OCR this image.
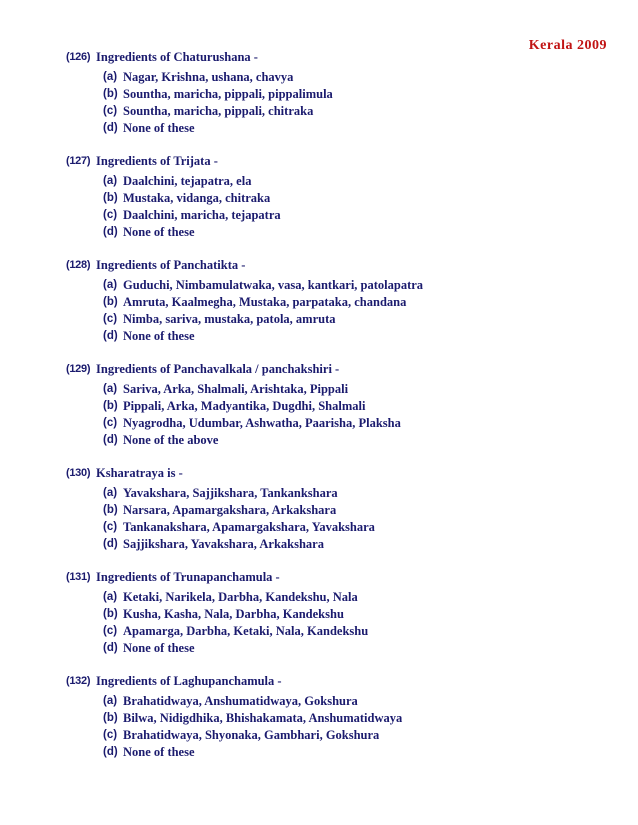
Kerala 2009
(126) Ingredients of Chaturushana -
(a) Nagar, Krishna, ushana, chavya
(b) Sountha, maricha, pippali, pippalimula
(c) Sountha, maricha, pippali, chitraka
(d) None of these
(127) Ingredients of Trijata -
(a) Daalchini, tejapatra, ela
(b) Mustaka, vidanga, chitraka
(c) Daalchini, maricha, tejapatra
(d) None of these
(128) Ingredients of Panchatikta -
(a) Guduchi, Nimbamulatwaka, vasa, kantkari, patolapatra
(b) Amruta, Kaalmegha, Mustaka, parpataka, chandana
(c) Nimba, sariva, mustaka, patola, amruta
(d) None of these
(129) Ingredients of Panchavalkala / panchakshiri -
(a) Sariva, Arka, Shalmali, Arishtaka, Pippali
(b) Pippali, Arka, Madyantika, Dugdhi, Shalmali
(c) Nyagrodha, Udumbar, Ashwatha, Paarisha, Plaksha
(d) None of the above
(130) Ksharatraya is -
(a) Yavakshara, Sajjikshara, Tankankshara
(b) Narsara, Apamargakshara, Arkakshara
(c) Tankanakshara, Apamargakshara, Yavakshara
(d) Sajjikshara, Yavakshara, Arkakshara
(131) Ingredients of Trunapanchamula -
(a) Ketaki, Narikela, Darbha, Kandekshu, Nala
(b) Kusha, Kasha, Nala, Darbha, Kandekshu
(c) Apamarga, Darbha, Ketaki, Nala, Kandekshu
(d) None of these
(132) Ingredients of Laghupanchamula -
(a) Brahatidwaya, Anshumatidwaya, Gokshura
(b) Bilwa, Nidigdhika, Bhishakamata, Anshumatidwaya
(c) Brahatidwaya, Shyonaka, Gambhari, Gokshura
(d) None of these
